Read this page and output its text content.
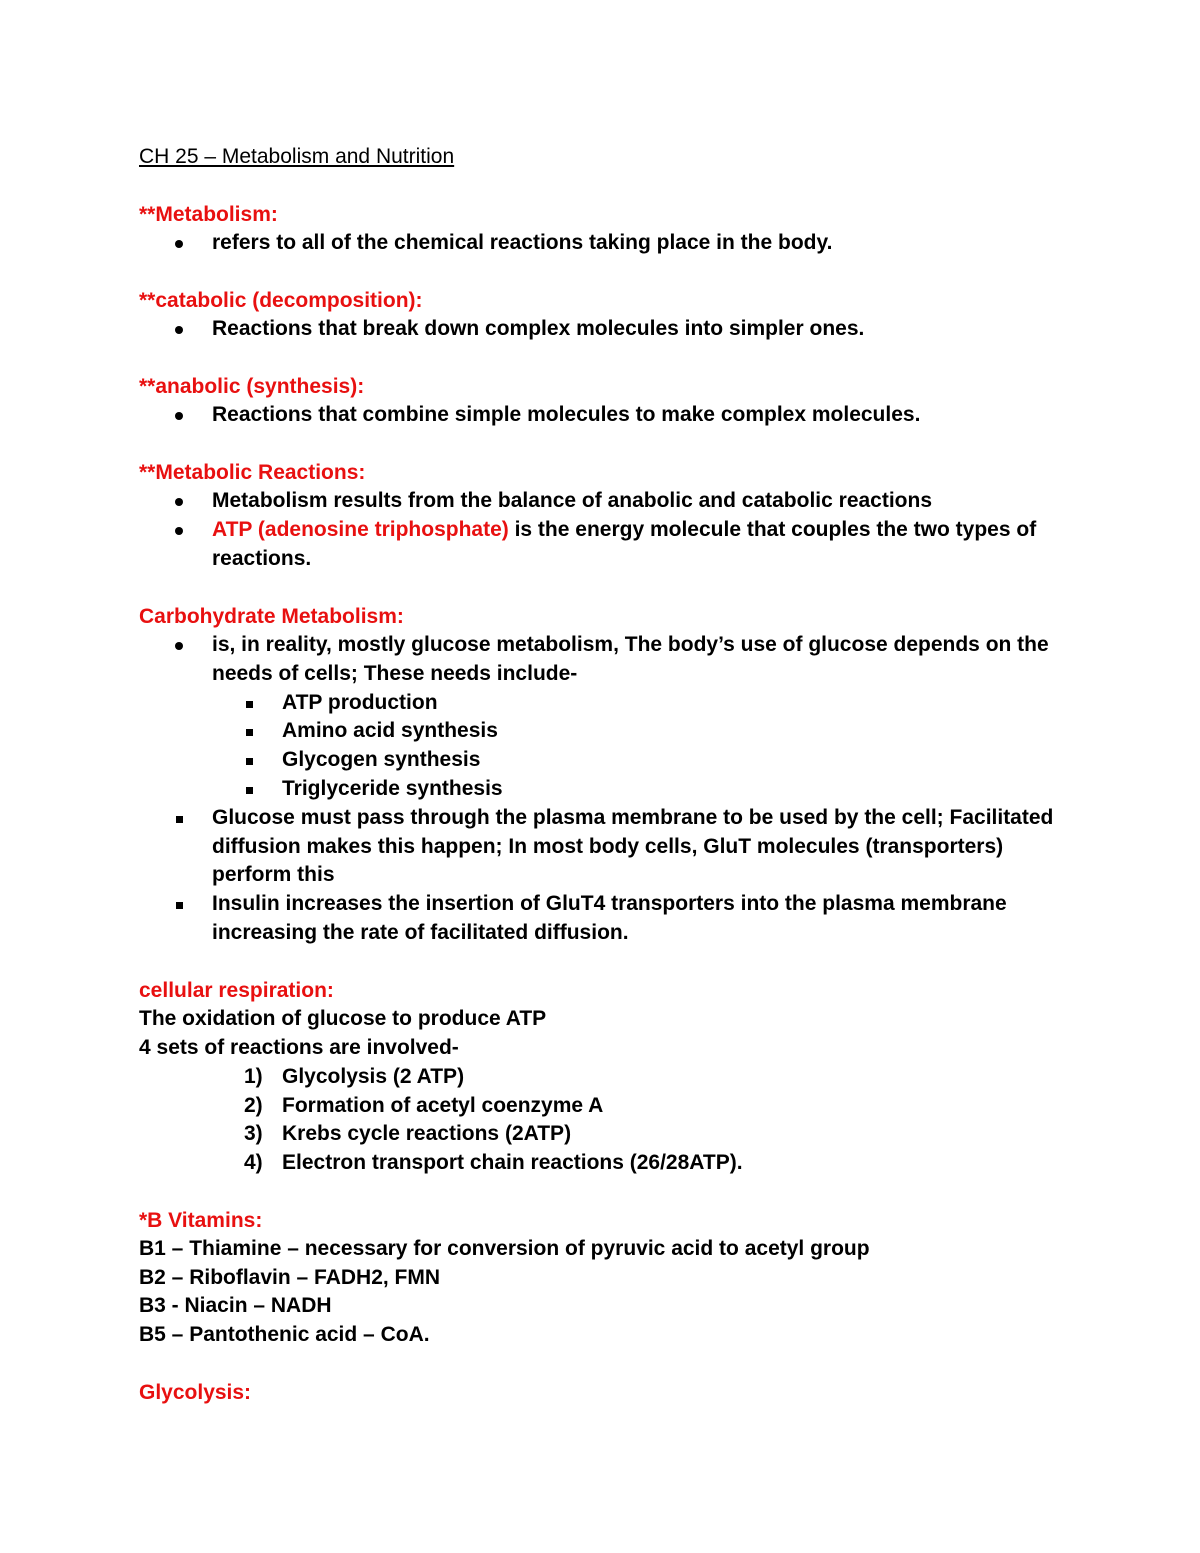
CH 25 – Metabolism and Nutrition
**Metabolism:
refers to all of the chemical reactions taking place in the body.
**catabolic (decomposition):
Reactions that break down complex molecules into simpler ones.
**anabolic (synthesis):
Reactions that combine simple molecules to make complex molecules.
**Metabolic Reactions:
Metabolism results from the balance of anabolic and catabolic reactions
ATP (adenosine triphosphate) is the energy molecule that couples the two types of
reactions.
Carbohydrate Metabolism:
is, in reality, mostly glucose metabolism, The body’s use of glucose depends on the
needs of cells; These needs include-
ATP production
Amino acid synthesis
Glycogen synthesis
Triglyceride synthesis
Glucose must pass through the plasma membrane to be used by the cell; Facilitated
diffusion makes this happen; In most body cells, GluT molecules (transporters)
perform this
Insulin increases the insertion of GluT4 transporters into the plasma membrane
increasing the rate of facilitated diffusion.
cellular respiration:
The oxidation of glucose to produce ATP
4 sets of reactions are involved-
1) Glycolysis (2 ATP)
2) Formation of acetyl coenzyme A
3) Krebs cycle reactions (2ATP)
4) Electron transport chain reactions (26/28ATP).
*B Vitamins:
B1 – Thiamine – necessary for conversion of pyruvic acid to acetyl group
B2 – Riboflavin – FADH2, FMN
B3 - Niacin – NADH
B5 – Pantothenic acid – CoA.
Glycolysis:
